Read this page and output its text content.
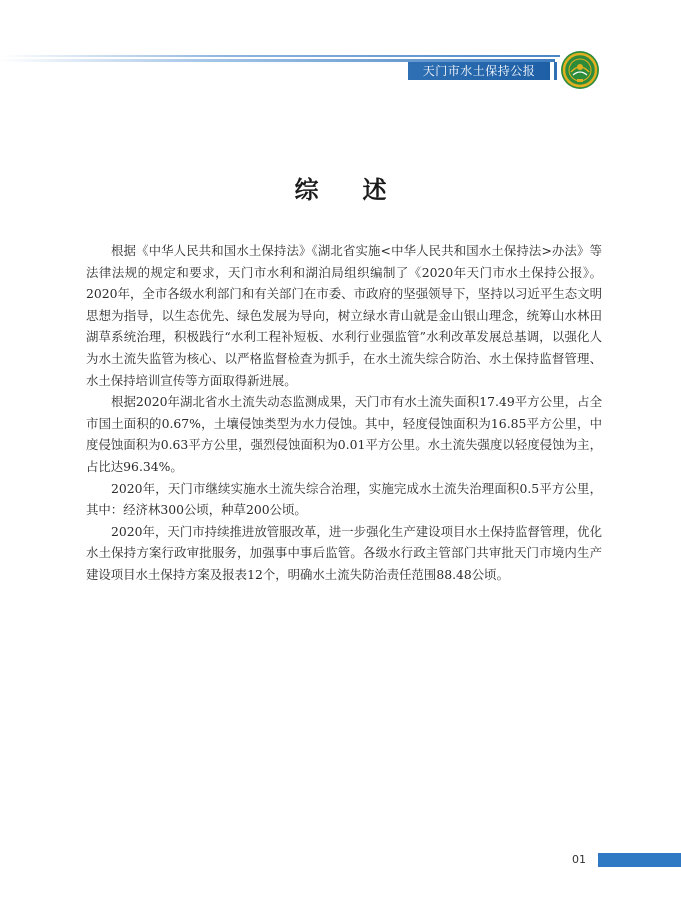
天门市水土保持公报
综述

根据《中华人民共和国水土保持法》《湖北省实施<中华人民共和国水土保持法>办法》等法律法规的规定和要求，天门市水利和湖泊局组织编制了《2020年天门市水土保持公报》。2020年，全市各级水利部门和有关部门在市委、市政府的坚强领导下，坚持以习近平生态文明思想为指导，以生态优先、绿色发展为导向，树立绿水青山就是金山银山理念，统筹山水林田湖草系统治理，积极践行“水利工程补短板、水利行业强监管”水利改革发展总基调，以强化人为水土流失监管为核心、以严格监督检查为抓手，在水土流失综合防治、水土保持监督管理、水土保持培训宣传等方面取得新进展。

根据2020年湖北省水土流失动态监测成果，天门市有水土流失面积17.49平方公里，占全市国土面积的0.67%，土壤侵蚀类型为水力侵蚀。其中，轻度侵蚀面积为16.85平方公里，中度侵蚀面积为0.63平方公里，强烈侵蚀面积为0.01平方公里。水土流失强度以轻度侵蚀为主，占比达96.34%。

2020年，天门市继续实施水土流失综合治理，实施完成水土流失治理面积0.5平方公里，其中：经济林300公顷，种草200公顷。

2020年，天门市持续推进放管服改革，进一步强化生产建设项目水土保持监督管理，优化水土保持方案行政审批服务，加强事中事后监管。各级水行政主管部门共审批天门市境内生产建设项目水土保持方案及报表12个，明确水土流失防治责任范围88.48公顷。

01
